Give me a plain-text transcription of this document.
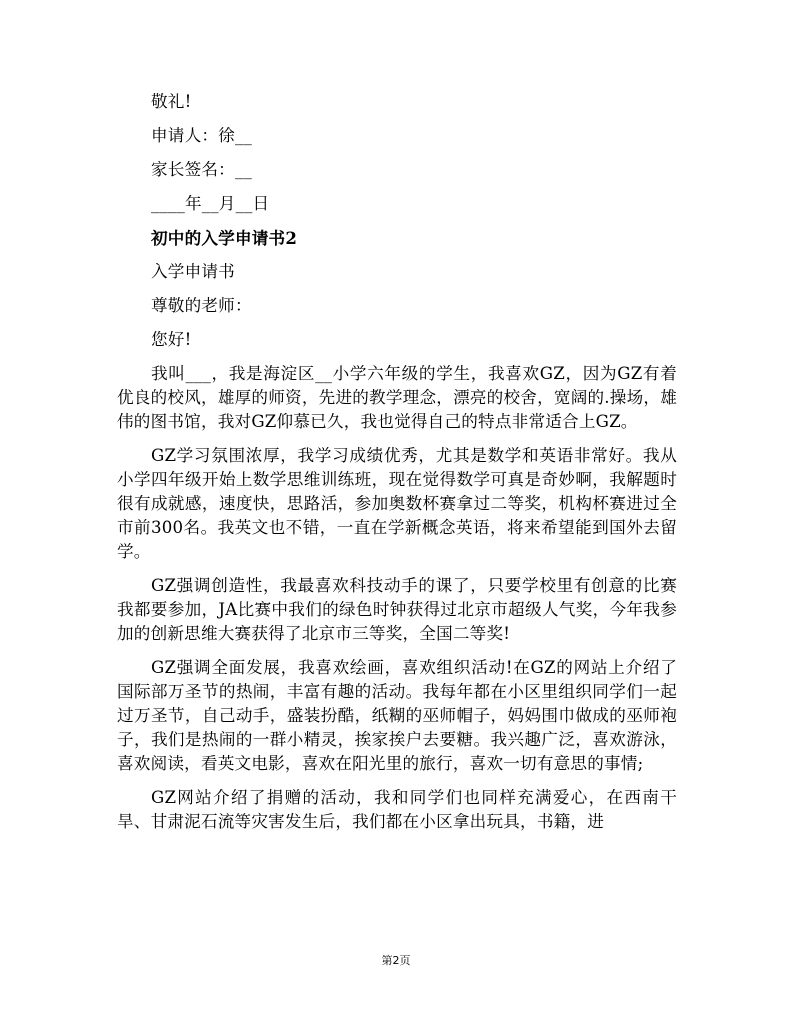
敬礼!

申请人：徐__

家长签名：__

____年__月__日

初中的入学申请书2

入学申请书

尊敬的老师：

您好!

我叫___，我是海淀区__小学六年级的学生，我喜欢GZ，因为GZ有着优良的校风，雄厚的师资，先进的教学理念，漂亮的校舍，宽阔的.操场，雄伟的图书馆，我对GZ仰慕已久，我也觉得自己的特点非常适合上GZ。

GZ学习氛围浓厚，我学习成绩优秀，尤其是数学和英语非常好。我从小学四年级开始上数学思维训练班，现在觉得数学可真是奇妙啊，我解题时很有成就感，速度快，思路活，参加奥数杯赛拿过二等奖，机构杯赛进过全市前300名。我英文也不错，一直在学新概念英语，将来希望能到国外去留学。

GZ强调创造性，我最喜欢科技动手的课了，只要学校里有创意的比赛我都要参加，JA比赛中我们的绿色时钟获得过北京市超级人气奖，今年我参加的创新思维大赛获得了北京市三等奖，全国二等奖!

GZ强调全面发展，我喜欢绘画，喜欢组织活动!在GZ的网站上介绍了国际部万圣节的热闹，丰富有趣的活动。我每年都在小区里组织同学们一起过万圣节，自己动手，盛装扮酷，纸糊的巫师帽子，妈妈围巾做成的巫师袍子，我们是热闹的一群小精灵，挨家挨户去要糖。我兴趣广泛，喜欢游泳，喜欢阅读，看英文电影，喜欢在阳光里的旅行，喜欢一切有意思的事情;

GZ网站介绍了捐赠的活动，我和同学们也同样充满爱心，在西南干旱、甘肃泥石流等灾害发生后，我们都在小区拿出玩具，书籍，进

第2页
